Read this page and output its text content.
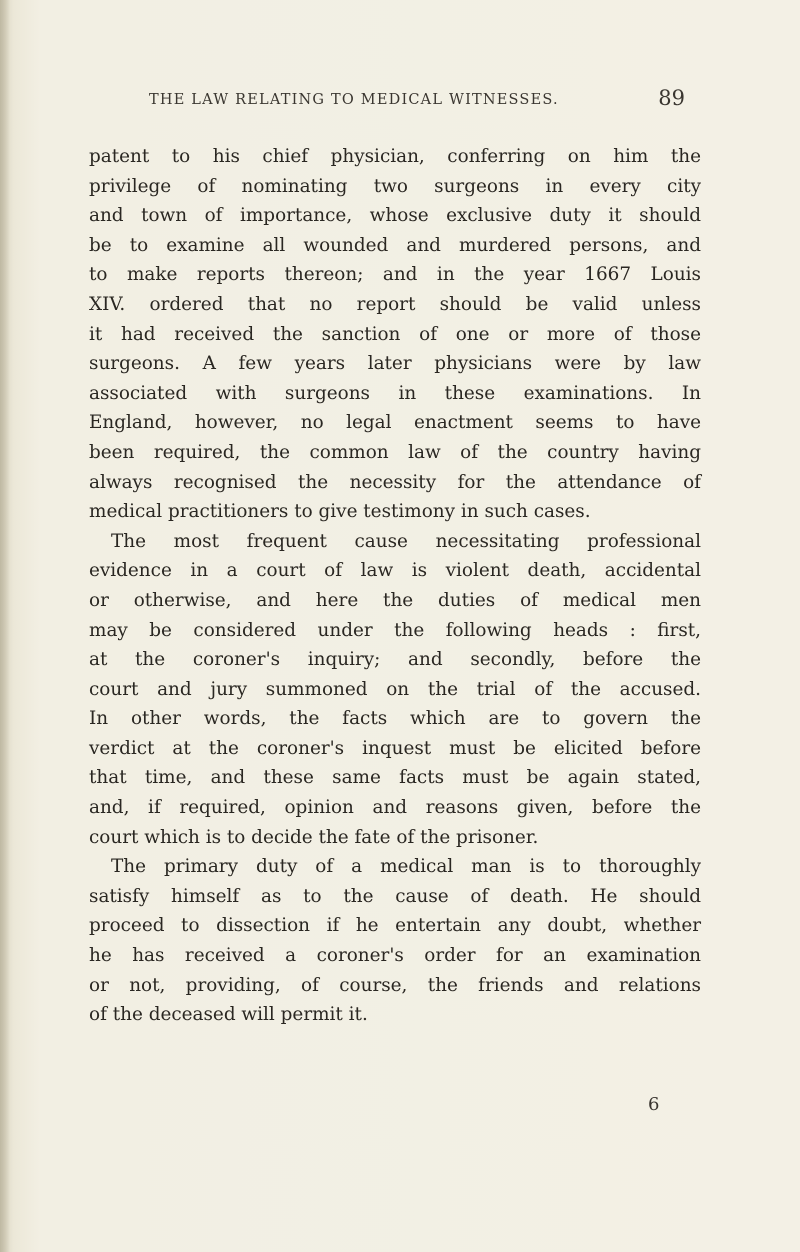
THE LAW RELATING TO MEDICAL WITNESSES.	89
patent to his chief physician, conferring on him the
privilege of nominating two surgeons in every city
and town of importance, whose exclusive duty it should
be to examine all wounded and murdered persons, and
to make reports thereon; and in the year 1667 Louis
XIV. ordered that no report should be valid unless
it had received the sanction of one or more of those
surgeons. A few years later physicians were by law
associated with surgeons in these examinations. In
England, however, no legal enactment seems to have
been required, the common law of the country having
always recognised the necessity for the attendance of
medical practitioners to give testimony in such cases.
The most frequent cause necessitating professional
evidence in a court of law is violent death, accidental
or otherwise, and here the duties of medical men
may be considered under the following heads : first,
at the coroner's inquiry; and secondly, before the
court and jury summoned on the trial of the accused.
In other words, the facts which are to govern the
verdict at the coroner's inquest must be elicited before
that time, and these same facts must be again stated,
and, if required, opinion and reasons given, before the
court which is to decide the fate of the prisoner.
The primary duty of a medical man is to thoroughly
satisfy himself as to the cause of death. He should
proceed to dissection if he entertain any doubt, whether
he has received a coroner's order for an examination
or not, providing, of course, the friends and relations
of the deceased will permit it.
6
